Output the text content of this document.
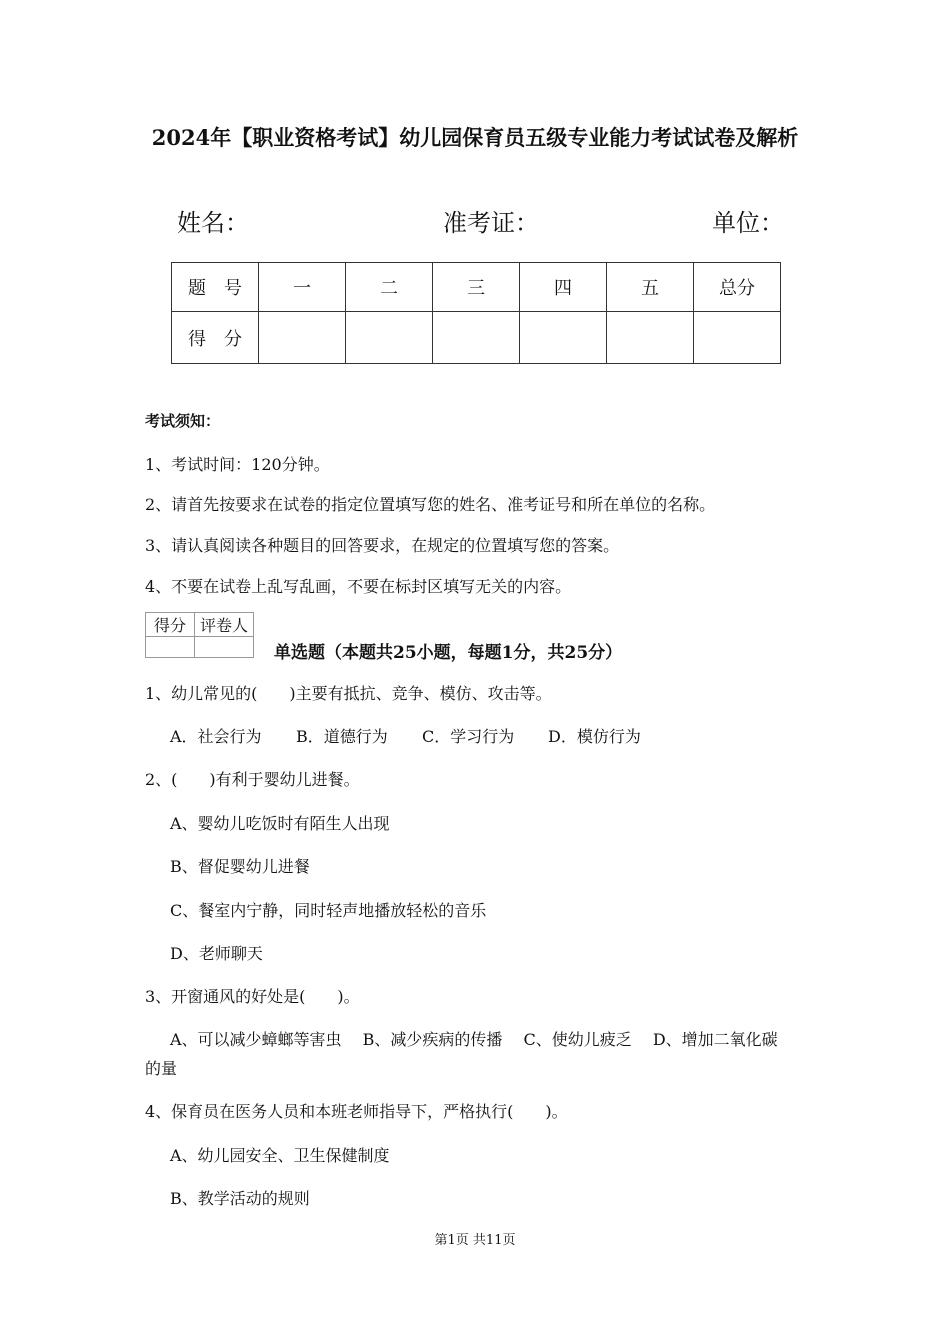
2024年【职业资格考试】幼儿园保育员五级专业能力考试试卷及解析
姓名：	准考证：	单位：
题　号	一	二	三	四	五	总分
得　分						
考试须知：
1、考试时间：120分钟。
2、请首先按要求在试卷的指定位置填写您的姓名、准考证号和所在单位的名称。
3、请认真阅读各种题目的回答要求，在规定的位置填写您的答案。
4、不要在试卷上乱写乱画，不要在标封区填写无关的内容。
得分	评卷人

单选题（本题共25小题，每题1分，共25分）
1、幼儿常见的(　　)主要有抵抗、竞争、模仿、攻击等。
A．社会行为 B．道德行为 C．学习行为 D．模仿行为
2、(　　)有利于婴幼儿进餐。
A、婴幼儿吃饭时有陌生人出现
B、督促婴幼儿进餐
C、餐室内宁静，同时轻声地播放轻松的音乐
D、老师聊天
3、开窗通风的好处是(　　)。
A、可以减少蟑螂等害虫　 B、减少疾病的传播　 C、使幼儿疲乏　 D、增加二氧化碳
的量
4、保育员在医务人员和本班老师指导下，严格执行(　　)。
A、幼儿园安全、卫生保健制度
B、教学活动的规则
第1页 共11页
